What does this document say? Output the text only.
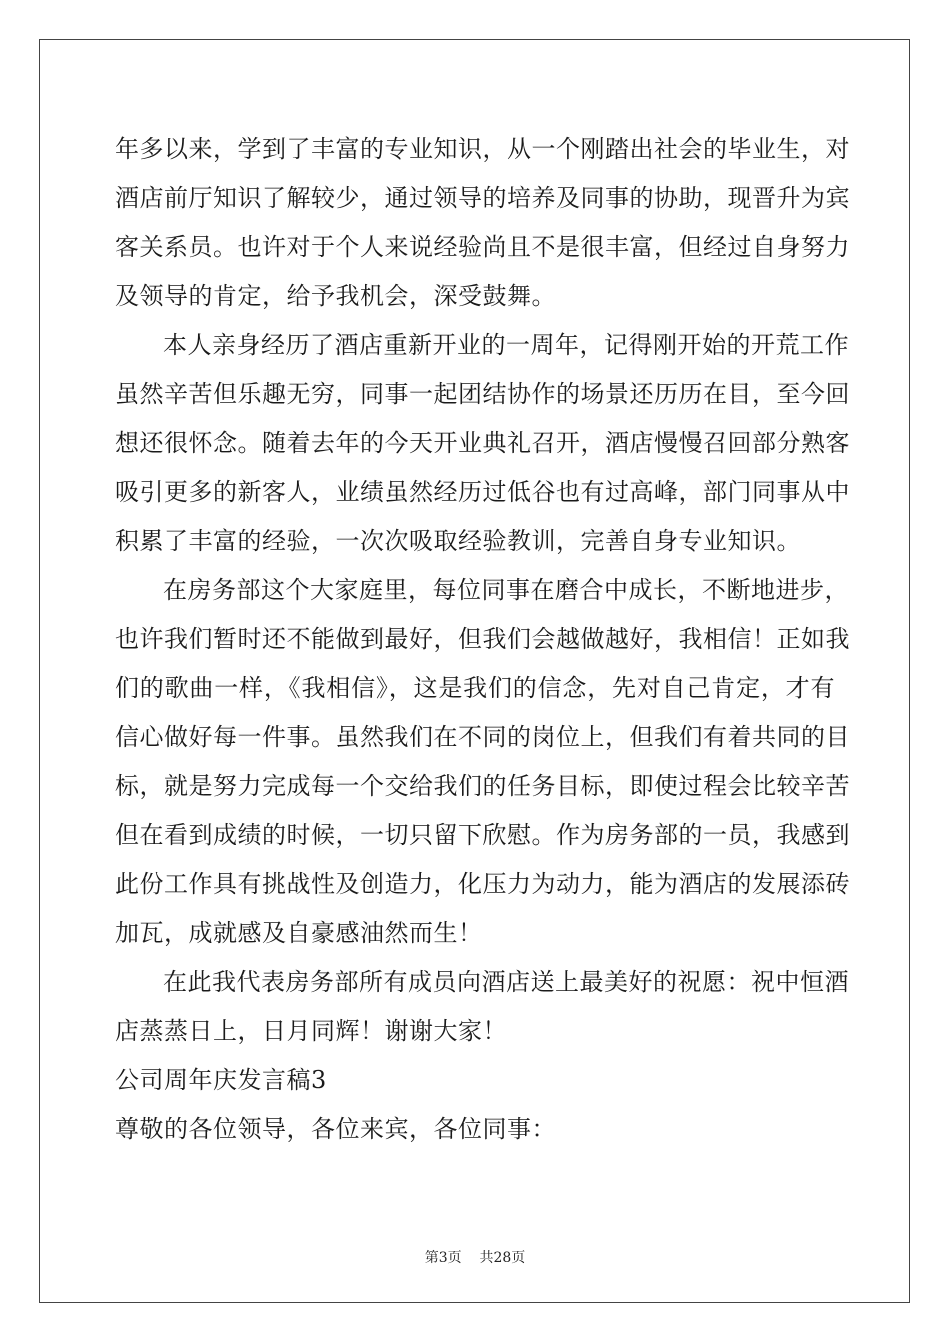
年多以来，学到了丰富的专业知识，从一个刚踏出社会的毕业生，对
酒店前厅知识了解较少，通过领导的培养及同事的协助，现晋升为宾
客关系员。也许对于个人来说经验尚且不是很丰富，但经过自身努力
及领导的肯定，给予我机会，深受鼓舞。
本人亲身经历了酒店重新开业的一周年，记得刚开始的开荒工作
虽然辛苦但乐趣无穷，同事一起团结协作的场景还历历在目，至今回
想还很怀念。随着去年的今天开业典礼召开，酒店慢慢召回部分熟客
吸引更多的新客人，业绩虽然经历过低谷也有过高峰，部门同事从中
积累了丰富的经验，一次次吸取经验教训，完善自身专业知识。
在房务部这个大家庭里，每位同事在磨合中成长，不断地进步，
也许我们暂时还不能做到最好，但我们会越做越好，我相信！正如我
们的歌曲一样，《我相信》，这是我们的信念，先对自己肯定，才有
信心做好每一件事。虽然我们在不同的岗位上，但我们有着共同的目
标，就是努力完成每一个交给我们的任务目标，即使过程会比较辛苦
但在看到成绩的时候，一切只留下欣慰。作为房务部的一员，我感到
此份工作具有挑战性及创造力，化压力为动力，能为酒店的发展添砖
加瓦，成就感及自豪感油然而生！
在此我代表房务部所有成员向酒店送上最美好的祝愿：祝中恒酒
店蒸蒸日上，日月同辉！谢谢大家！
公司周年庆发言稿3
尊敬的各位领导，各位来宾，各位同事：
第3页    共28页
